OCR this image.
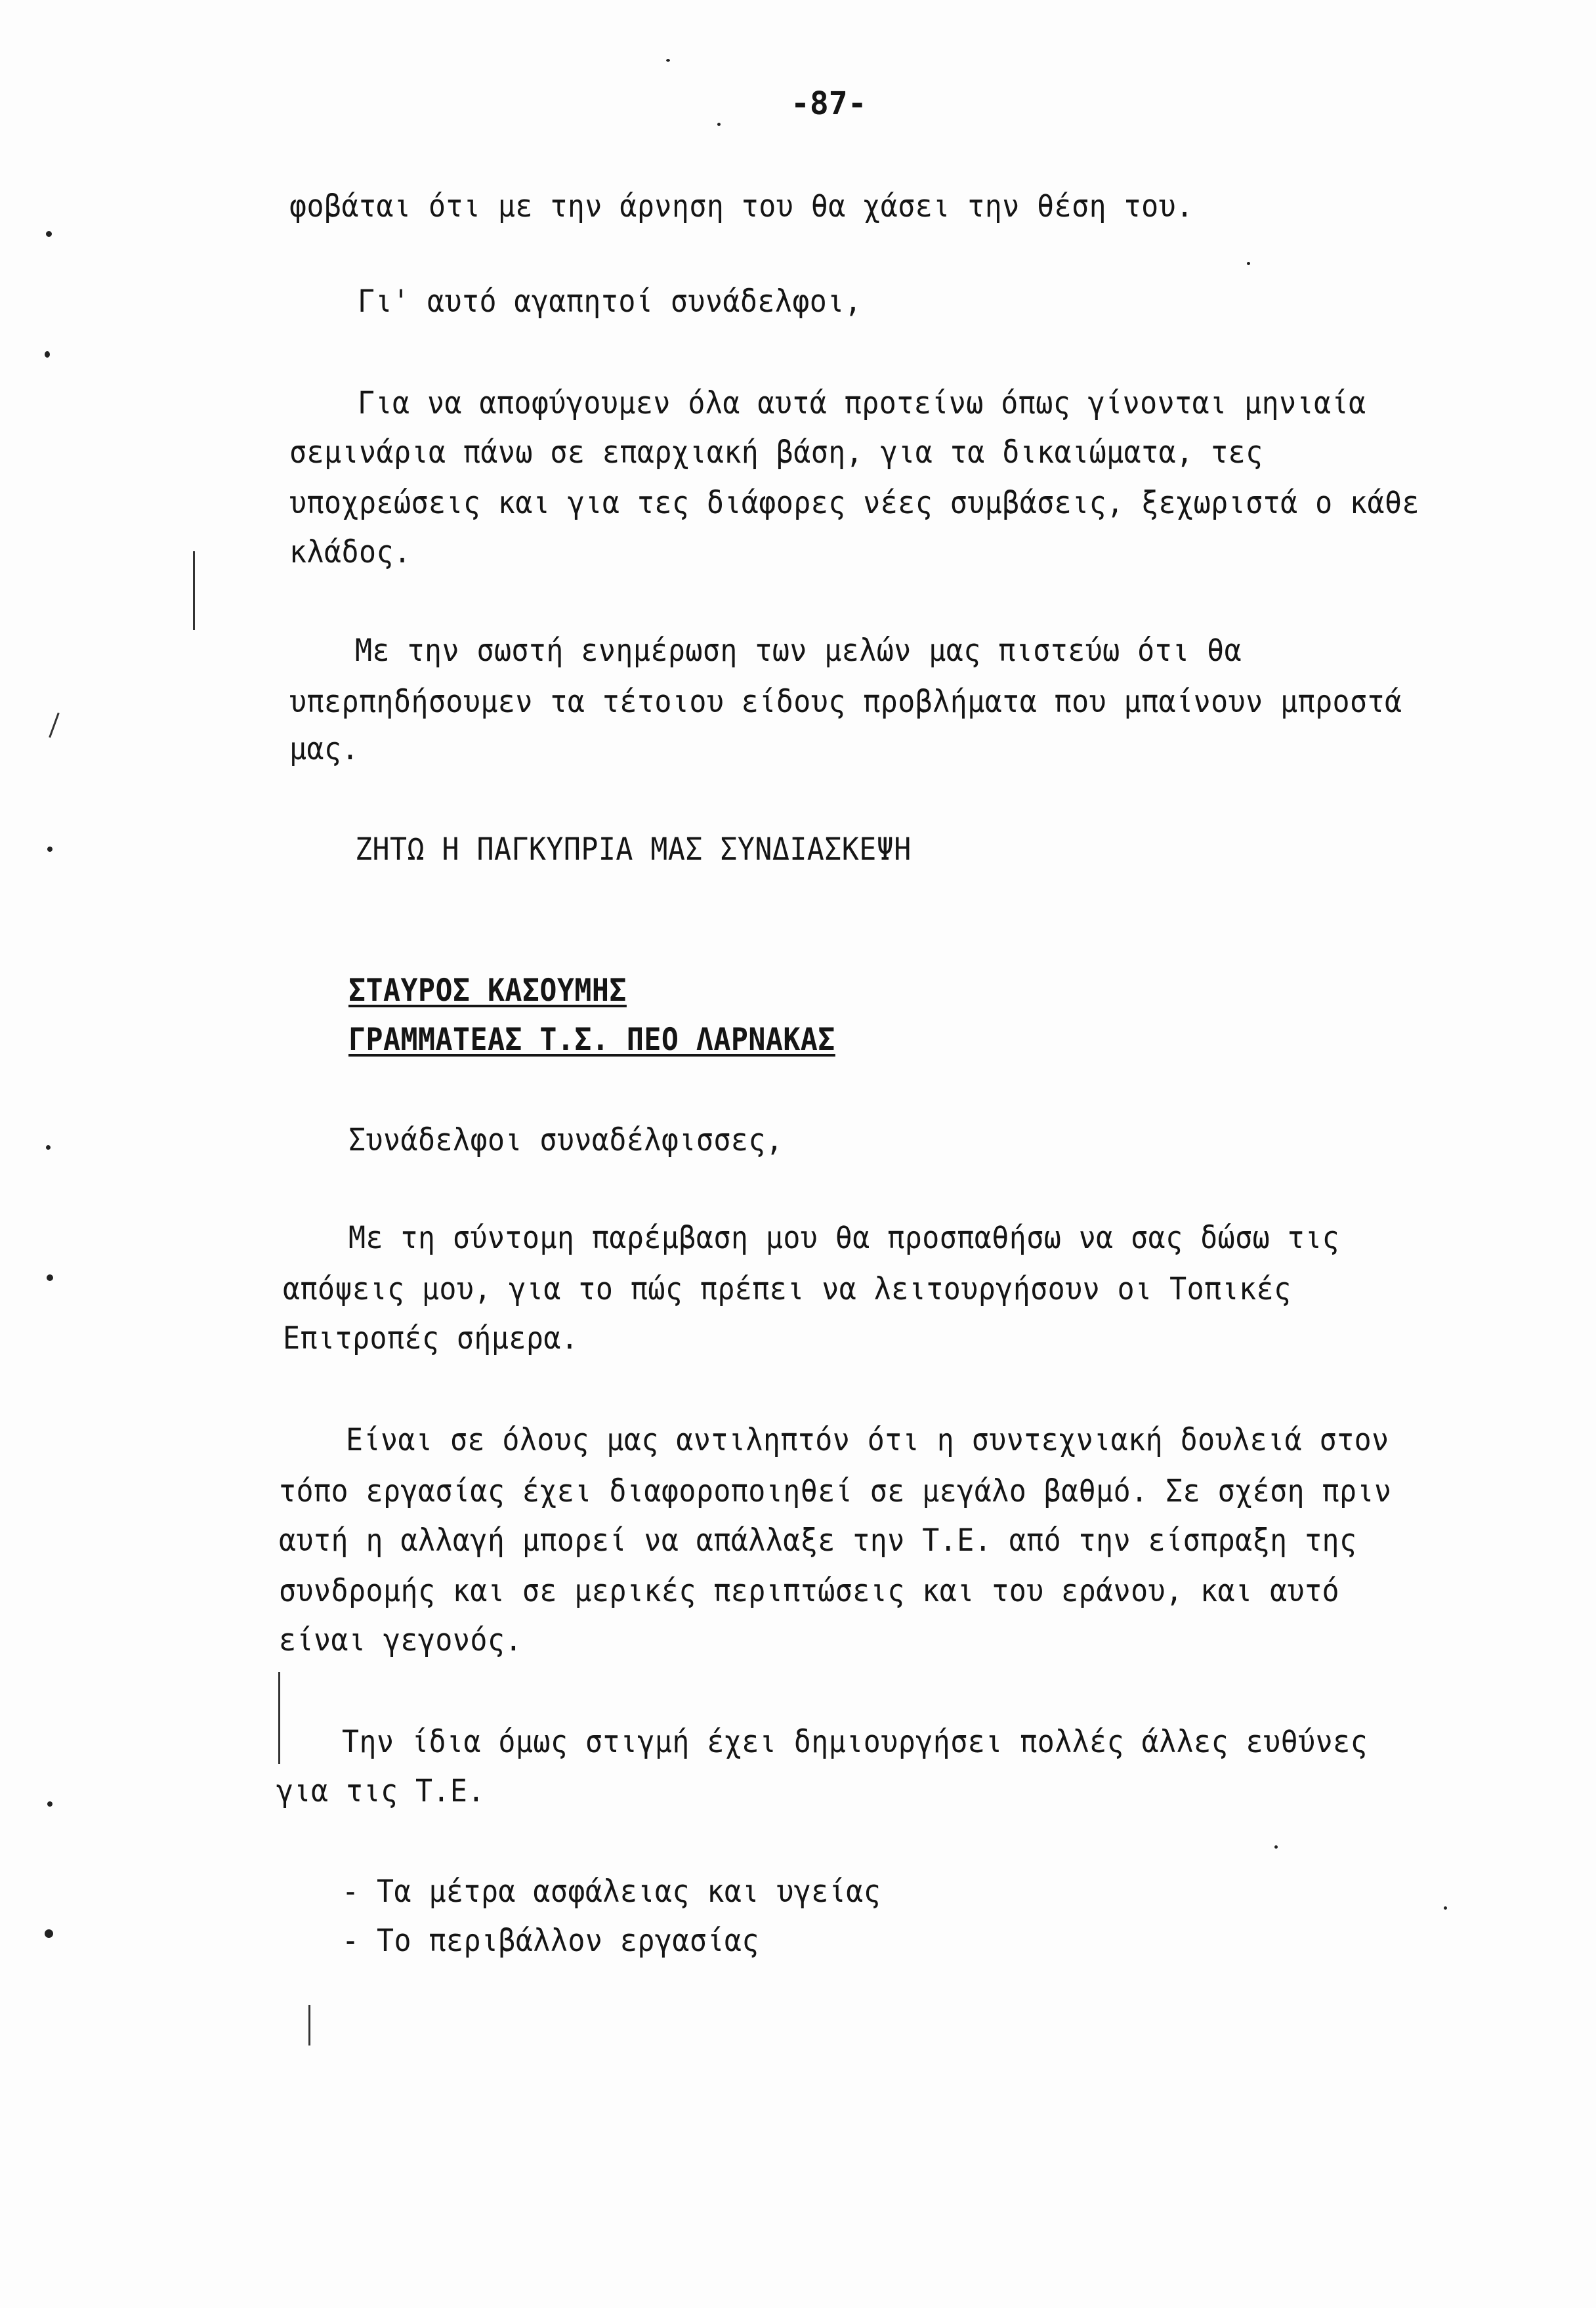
-87-
φοβάται ότι με την άρνηση του θα χάσει την θέση του.
Γι' αυτό αγαπητοί συνάδελφοι,
Για να αποφύγουμεν όλα αυτά προτείνω όπως γίνονται μηνιαία
σεμινάρια πάνω σε επαρχιακή βάση, για τα δικαιώματα, τες
υποχρεώσεις και για τες διάφορες νέες συμβάσεις, ξεχωριστά ο κάθε
κλάδος.
Με την σωστή ενημέρωση των μελών μας πιστεύω ότι θα
υπερπηδήσουμεν τα τέτοιου είδους προβλήματα που μπαίνουν μπροστά
μας.
ΖΗΤΩ Η ΠΑΓΚΥΠΡΙΑ ΜΑΣ ΣΥΝΔΙΑΣΚΕΨΗ
ΣΤΑΥΡΟΣ ΚΑΣΟΥΜΗΣ
ΓΡΑΜΜΑΤΕΑΣ Τ.Σ. ΠΕΟ ΛΑΡΝΑΚΑΣ
Συνάδελφοι συναδέλφισσες,
Με τη σύντομη παρέμβαση μου θα προσπαθήσω να σας δώσω τις
απόψεις μου, για το πώς πρέπει να λειτουργήσουν οι Τοπικές
Επιτροπές σήμερα.
Είναι σε όλους μας αντιληπτόν ότι η συντεχνιακή δουλειά στον
τόπο εργασίας έχει διαφοροποιηθεί σε μεγάλο βαθμό. Σε σχέση πριν
αυτή η αλλαγή μπορεί να απάλλαξε την Τ.Ε. από την είσπραξη της
συνδρομής και σε μερικές περιπτώσεις και του εράνου, και αυτό
είναι γεγονός.
Την ίδια όμως στιγμή έχει δημιουργήσει πολλές άλλες ευθύνες
για τις Τ.Ε.
- Τα μέτρα ασφάλειας και υγείας
- Το περιβάλλον εργασίας
